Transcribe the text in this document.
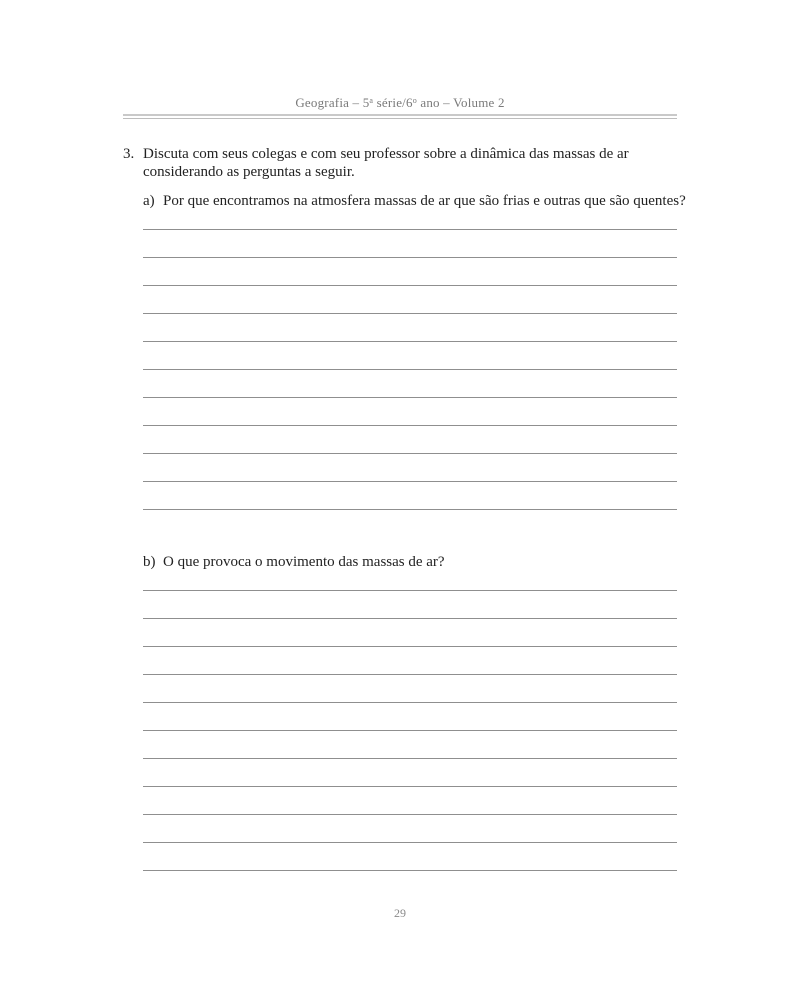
Geografia – 5$^a$ série/6$^o$ ano – Volume 2
3. Discuta com seus colegas e com seu professor sobre a dinâmica das massas de ar considerando as perguntas a seguir.
a) Por que encontramos na atmosfera massas de ar que são frias e outras que são quentes?
b) O que provoca o movimento das massas de ar?
29
